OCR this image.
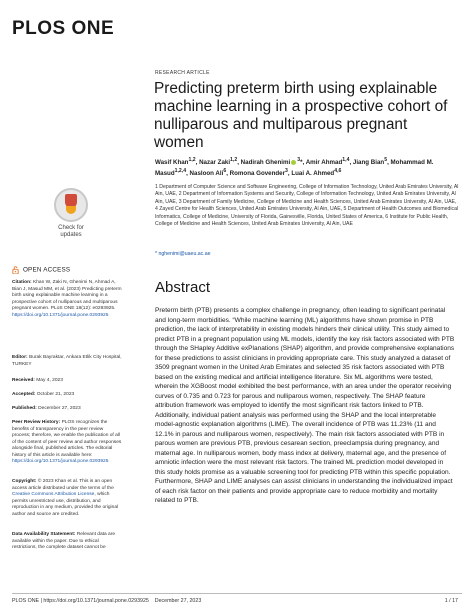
PLOS ONE
RESEARCH ARTICLE
Predicting preterm birth using explainable machine learning in a prospective cohort of nulliparous and multiparous pregnant women
Wasif Khan$^{1,2}$, Nazar Zaki$^{1,2}$, Nadirah Ghenimi $^3$*, Amir Ahmad$^{1,4}$, Jiang Bian$^5$, Mohammad M. Masud$^{1,2,4}$, Nasloon Ali$^6$, Romona Govender$^3$, Luai A. Ahmed$^{4,6}$
1 Department of Computer Science and Software Engineering, College of Information Technology, United Arab Emirates University, Al Ain, UAE, 2 Department of Information Systems and Security, College of Information Technology, United Arab Emirates University, Al Ain, UAE, 3 Department of Family Medicine, College of Medicine and Health Sciences, United Arab Emirates University, Al Ain, UAE, 4 Zayed Centre for Health Sciences, United Arab Emirates University, Al Ain, UAE, 5 Department of Health Outcomes and Biomedical Informatics, College of Medicine, University of Florida, Gainesville, Florida, United States of America, 6 Institute for Public Health, College of Medicine and Health Sciences, United Arab Emirates University, Al Ain, UAE
* nghenimi@uaeu.ac.ae
Abstract

Preterm birth (PTB) presents a complex challenge in pregnancy, often leading to significant perinatal and long-term morbidities. “While machine learning (ML) algorithms have shown promise in PTB prediction, the lack of interpretability in existing models hinders their clinical utility. This study aimed to predict PTB in a pregnant population using ML models, identify the key risk factors associated with PTB through the SHapley Additive exPlanations (SHAP) algorithm, and provide comprehensive explanations for these predictions to assist clinicians in providing appropriate care. This study analyzed a dataset of 3509 pregnant women in the United Arab Emirates and selected 35 risk factors associated with PTB based on the existing medical and artificial intelligence literature. Six ML algorithms were tested, wherein the XGBoost model exhibited the best performance, with an area under the operator receiving curves of 0.735 and 0.723 for parous and nulliparous women, respectively. The SHAP feature attribution framework was employed to identify the most significant risk factors linked to PTB. Additionally, individual patient analysis was performed using the SHAP and the local interpretable model-agnostic explanation algorithms (LIME). The overall incidence of PTB was 11.23% (11 and 12.1% in parous and nulliparous women, respectively). The main risk factors associated with PTB in parous women are previous PTB, previous cesarean section, preeclampsia during pregnancy, and maternal age. In nulliparous women, body mass index at delivery, maternal age, and the presence of amniotic infection were the most relevant risk factors. The trained ML prediction model developed in this study holds promise as a valuable screening tool for predicting PTB within this specific population. Furthermore, SHAP and LIME analyses can assist clinicians in understanding the individualized impact of each risk factor on their patients and provide appropriate care to reduce morbidity and mortality related to PTB.

Check for updates
OPEN ACCESS

Citation: Khan W, Zaki N, Ghenimi N, Ahmad A, Bian J, Masud MM, et al. (2023) Predicting preterm birth using explainable machine learning in a prospective cohort of nulliparous and multiparous pregnant women. PLoS ONE 18(12): e0293925. https://doi.org/10.1371/journal.pone.0293925

Editor: Burak Bayraktar, Ankara Etlik City Hospital, TURKEY

Received: May 4, 2023

Accepted: October 21, 2023

Published: December 27, 2023

Peer Review History: PLOS recognizes the benefits of transparency in the peer review process; therefore, we enable the publication of all of the content of peer review and author responses alongside final, published articles. The editorial history of this article is available here: https://doi.org/10.1371/journal.pone.0293925

Copyright: © 2023 Khan et al. This is an open access article distributed under the terms of the Creative Commons Attribution License, which permits unrestricted use, distribution, and reproduction in any medium, provided the original author and source are credited.

Data Availability Statement: Relevant data are available within the paper. Due to ethical restrictions, the complete dataset cannot be

PLOS ONE | https://doi.org/10.1371/journal.pone.0293925 December 27, 2023	1 / 17
